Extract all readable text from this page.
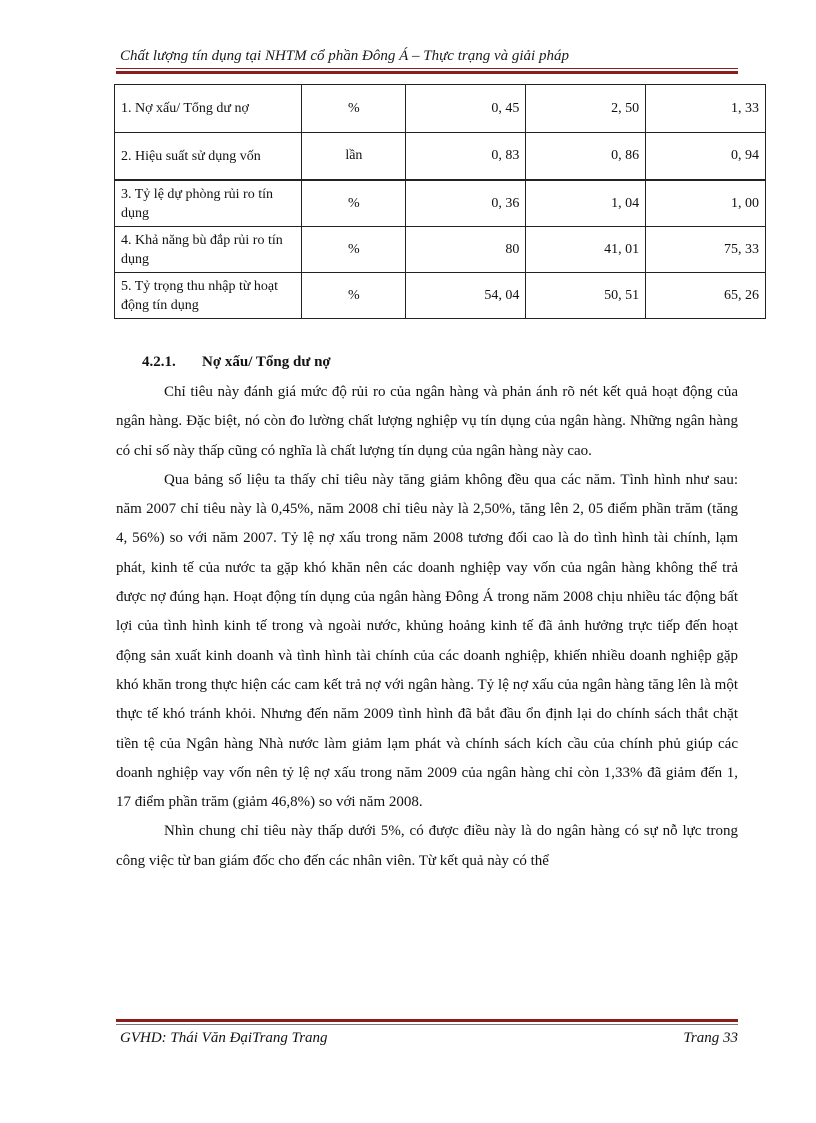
Chất lượng tín dụng tại NHTM cổ phần Đông Á – Thực trạng và giải pháp
1. Nợ xấu/ Tổng dư nợ	%	0, 45	2, 50	1, 33
2. Hiệu suất sử dụng vốn	lần	0, 83	0, 86	0, 94
3. Tỷ lệ dự phòng rủi ro tín dụng	%	0, 36	1, 04	1, 00
4. Khả năng bù đắp rủi ro tín dụng	%	80	41, 01	75, 33
5. Tỷ trọng thu nhập từ hoạt động tín dụng	%	54, 04	50, 51	65, 26
4.2.1. Nợ xấu/ Tổng dư nợ

Chỉ tiêu này đánh giá mức độ rủi ro của ngân hàng và phản ánh rõ nét kết quả hoạt động của ngân hàng. Đặc biệt, nó còn đo lường chất lượng nghiệp vụ tín dụng của ngân hàng. Những ngân hàng có chỉ số này thấp cũng có nghĩa là chất lượng tín dụng của ngân hàng này cao.

Qua bảng số liệu ta thấy chỉ tiêu này tăng giảm không đều qua các năm. Tình hình như sau: năm 2007 chỉ tiêu này là 0,45%, năm 2008 chỉ tiêu này là 2,50%, tăng lên 2, 05 điểm phần trăm (tăng 4, 56%) so với năm 2007. Tỷ lệ nợ xấu trong năm 2008 tương đối cao là do tình hình tài chính, lạm phát, kinh tế của nước ta gặp khó khăn nên các doanh nghiệp vay vốn của ngân hàng không thể trả được nợ đúng hạn. Hoạt động tín dụng của ngân hàng Đông Á trong năm 2008 chịu nhiều tác động bất lợi của tình hình kinh tế trong và ngoài nước, khủng hoảng kinh tế đã ảnh hưởng trực tiếp đến hoạt động sản xuất kinh doanh và tình hình tài chính của các doanh nghiệp, khiến nhiều doanh nghiệp gặp khó khăn trong thực hiện các cam kết trả nợ với ngân hàng. Tỷ lệ nợ xấu của ngân hàng tăng lên là một thực tế khó tránh khỏi. Nhưng đến năm 2009 tình hình đã bắt đầu ổn định lại do chính sách thắt chặt tiền tệ của Ngân hàng Nhà nước làm giảm lạm phát và chính sách kích cầu của chính phủ giúp các doanh nghiệp vay vốn nên tỷ lệ nợ xấu trong năm 2009 của ngân hàng chỉ còn 1,33% đã giảm đến 1, 17 điểm phần trăm (giảm 46,8%) so với năm 2008.

Nhìn chung chỉ tiêu này thấp dưới 5%, có được điều này là do ngân hàng có sự nỗ lực trong công việc từ ban giám đốc cho đến các nhân viên. Từ kết quả này có thể

GVHD: Thái Văn ĐạiTrang Trang	Trang 33
